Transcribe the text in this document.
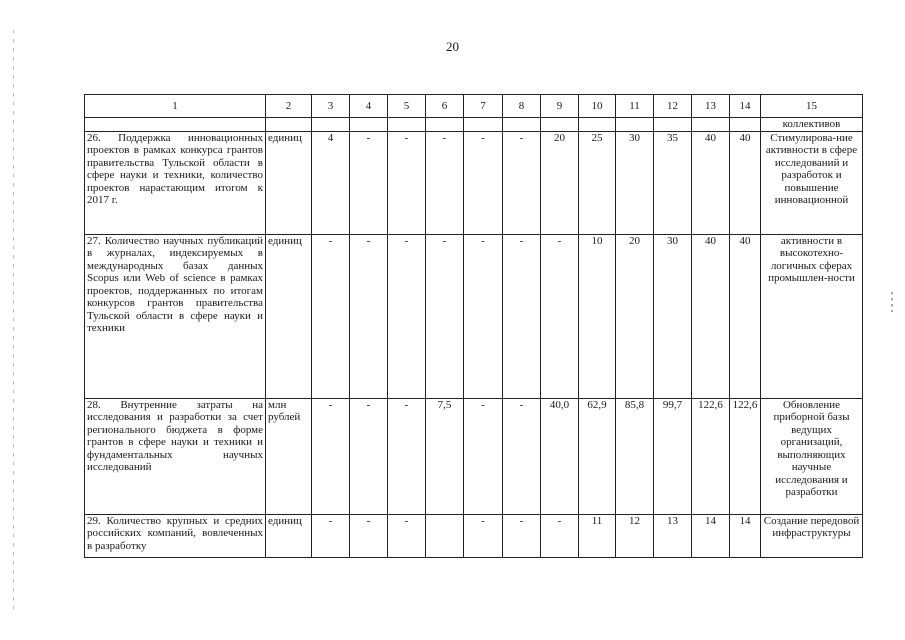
20
1	2	3	4	5	6	7	8	9	10	11	12	13	14	15
														коллективов
26. Поддержка инновационных проектов в рамках конкурса грантов правительства Тульской области в сфере науки и техники, количество проектов нарастающим итогом к 2017 г.	единиц	4	-	-	-	-	-	20	25	30	35	40	40	Стимулирова-ние активности в сфере исследований и разработок и повышение инновационной
27. Количество научных публикаций в журналах, индексируемых в международных базах данных Scopus или Web of science в рамках проектов, поддержанных по итогам конкурсов грантов правительства Тульской области в сфере науки и техники	единиц	-	-	-	-	-	-	-	10	20	30	40	40	активности в высокотехно-логичных сферах промышлен-ности
28. Внутренние затраты на исследования и разработки за счет регионального бюджета в форме грантов в сфере науки и техники и фундаментальных научных исследований	млн рублей	-	-	-	7,5	-	-	40,0	62,9	85,8	99,7	122,6	122,6	Обновление приборной базы ведущих организаций, выполняющих научные исследования и разработки
29. Количество крупных и средних российских компаний, вовлеченных в разработку	единиц	-	-	-		-	-	-	11	12	13	14	14	Создание передовой инфраструктуры
